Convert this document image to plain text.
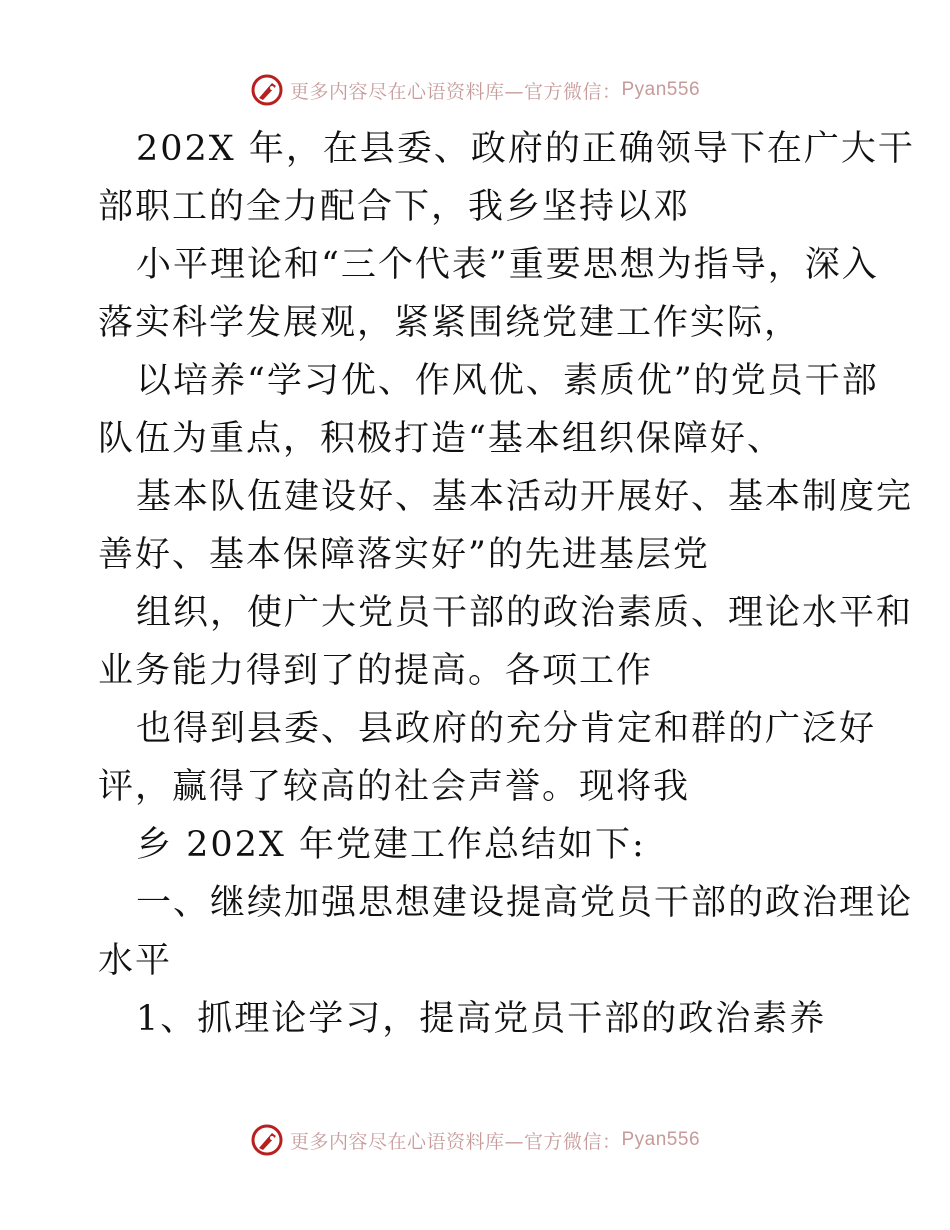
更多内容尽在心语资料库—官方微信： Pyan556
202X 年，在县委、政府的正确领导下在广大干
部职工的全力配合下，我乡坚持以邓
小平理论和“三个代表”重要思想为指导，深入
落实科学发展观，紧紧围绕党建工作实际，
以培养“学习优、作风优、素质优”的党员干部
队伍为重点，积极打造“基本组织保障好、
基本队伍建设好、基本活动开展好、基本制度完
善好、基本保障落实好”的先进基层党
组织，使广大党员干部的政治素质、理论水平和
业务能力得到了的提高。各项工作
也得到县委、县政府的充分肯定和群的广泛好
评，赢得了较高的社会声誉。现将我
乡 202X 年党建工作总结如下:
一、继续加强思想建设提高党员干部的政治理论
水平
1、抓理论学习，提高党员干部的政治素养
更多内容尽在心语资料库—官方微信： Pyan556
